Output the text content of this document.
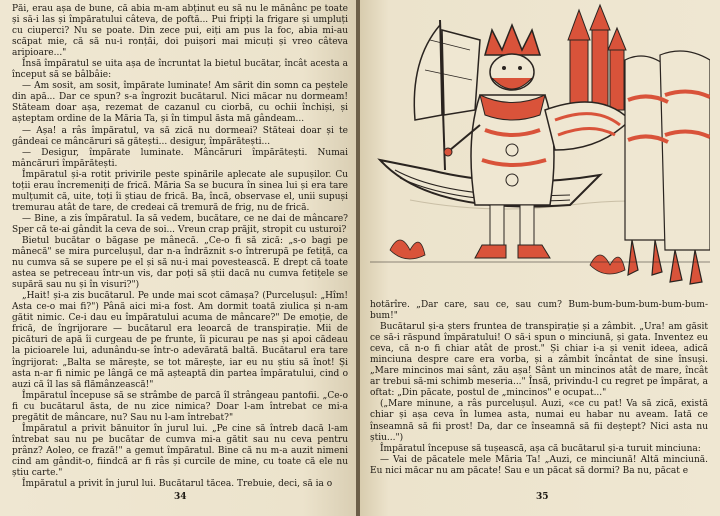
Păi, erau așa de bune, că abia m-am abținut eu să nu le mănânc pe toate și să-i las și împăratului câteva, de poftă... Pui fripți la frigare și umpluți cu ciuperci? Nu se poate. Din zece pui, eiți am pus la foc, abia mi-au scăpat mie, că să nu-i ronțăi, doi puișori mai micuți și vreo câteva aripioare..."

Însă împăratul se uita așa de încruntat la bietul bucătar, încât acesta a început să se bâlbâie:

— Am sosit, am sosit, împărate luminate! Am sărit din somn ca peștele din apă... Dar ce spun? s-a îngrozit bucătarul. Nici măcar nu dormeam! Stăteam doar așa, rezemat de cazanul cu ciorbă, cu ochii închiși, și așteptam ordine de la Măria Ta, și în timpul ăsta mă gândeam...

— Așa! a râs împăratul, va să zică nu dormeai? Stăteai doar și te gândeai ce mâncăruri să gătești... desigur, împărătești...

— Desigur, împărate luminate. Mâncăruri împărătești. Numai mâncăruri împărătești.

Împăratul și-a rotit privirile peste spinările aplecate ale supușilor. Cu toții erau încremeniți de frică. Măria Sa se bucura în sinea lui și era tare mulțumit că, uite, toți îi știau de frică. Ba, încă, observase el, unii supuși tremurau atât de tare, de credeai că tremură de frig, nu de frică.

— Bine, a zis împăratul. Ia să vedem, bucătare, ce ne dai de mâncare? Sper că te-ai gândit la ceva de soi... Vreun crap prăjit, stropit cu usturoi?

Bietul bucătar o băgase pe mânecă. „Ce-o fi să zică: „s-o bagi pe mânecă" se mira purcelușul, dar n-a îndrăznit s-o întrerupă pe fetiță, ca nu cumva să se supere pe el și să nu-i mai povestească. E drept că toate astea se petreceau într-un vis, dar poți să știi dacă nu cumva fetițele se supără sau nu și în visuri?")

„Hait! și-a zis bucătarul. Pe unde mai scot cămașa? (Purcelușul: „Hîm! Asta ce-o mai fi?") Până aici mi-a fost. Am dormit toată ziulica și n-am gătit nimic. Ce-i dau eu împăratului acuma de mâncare?" De emoție, de frică, de îngrijorare — bucătarul era leoarcă de transpirație. Mii de picături de apă îi curgeau de pe frunte, îi picurau pe nas și apoi cădeau la picioarele lui, adunându-se într-o adevărată baltă. Bucătarul era tare îngrijorat: „Balta se mărește, se tot mărește, iar eu nu știu să înot! Și asta n-ar fi nimic pe lângă ce mă așteaptă din partea împăratului, cind o auzi că îl las să flămânzească!"

Împăratul începuse să se strâmbe de parcă îl strângeau pantofii. „Ce-o fi cu bucătarul ăsta, de nu zice nimica? Doar l-am întrebat ce mi-a pregătit de mâncare, nu? Sau nu l-am întrebat?"

Împăratul a privit bănuitor în jurul lui. „Pe cine să întreb dacă l-am întrebat sau nu pe bucătar de cumva mi-a gătit sau nu ceva pentru prânz? Aoleo, ce frază!" a gemut împăratul. Bine că nu m-a auzit nimeni cind am gândit-o, fiindcă ar fi râs și curcile de mine, cu toate că ele nu știu carte."

Împăratul a privit în jurul lui. Bucătarul tăcea. Trebuie, deci, să ia o

34

hotărîre. „Dar care, sau ce, sau cum? Bum-bum-bum-bum-bum-bum-bum!"

Bucătarul și-a șters fruntea de transpirație și a zâmbit. „Ura! am găsit ce să-i răspund împăratului! O să-i spun o minciună, și gata. Inventez eu ceva, că n-o fi chiar atât de prost." Și chiar i-a și venit ideea, adică minciuna despre care era vorba, și a zâmbit încântat de sine însuși. „Mare mincinos mai sânt, zău așa! Sânt un mincinos atât de mare, încât ar trebui să-mi schimb meseria..." Însă, privindu-l cu regret pe împărat, a oftat: „Din păcate, postul de „mincinos" e ocupat..."

(„Mare minune, a râs purcelușul. Auzi, «ce cu pat! Va să zică, există chiar și așa ceva în lumea asta, numai eu habar nu aveam. Iată ce înseamnă să fii prost! Da, dar ce înseamnă să fii deștept? Nici asta nu știu...")

Împăratul începuse să tușească, așa că bucătarul și-a turuit minciuna:

— Vai de păcatele mele Măria Ta! „Auzi, ce minciună! Altă minciună. Eu nici măcar nu am păcate! Sau e un păcat să dormi? Ba nu, păcat e

35
